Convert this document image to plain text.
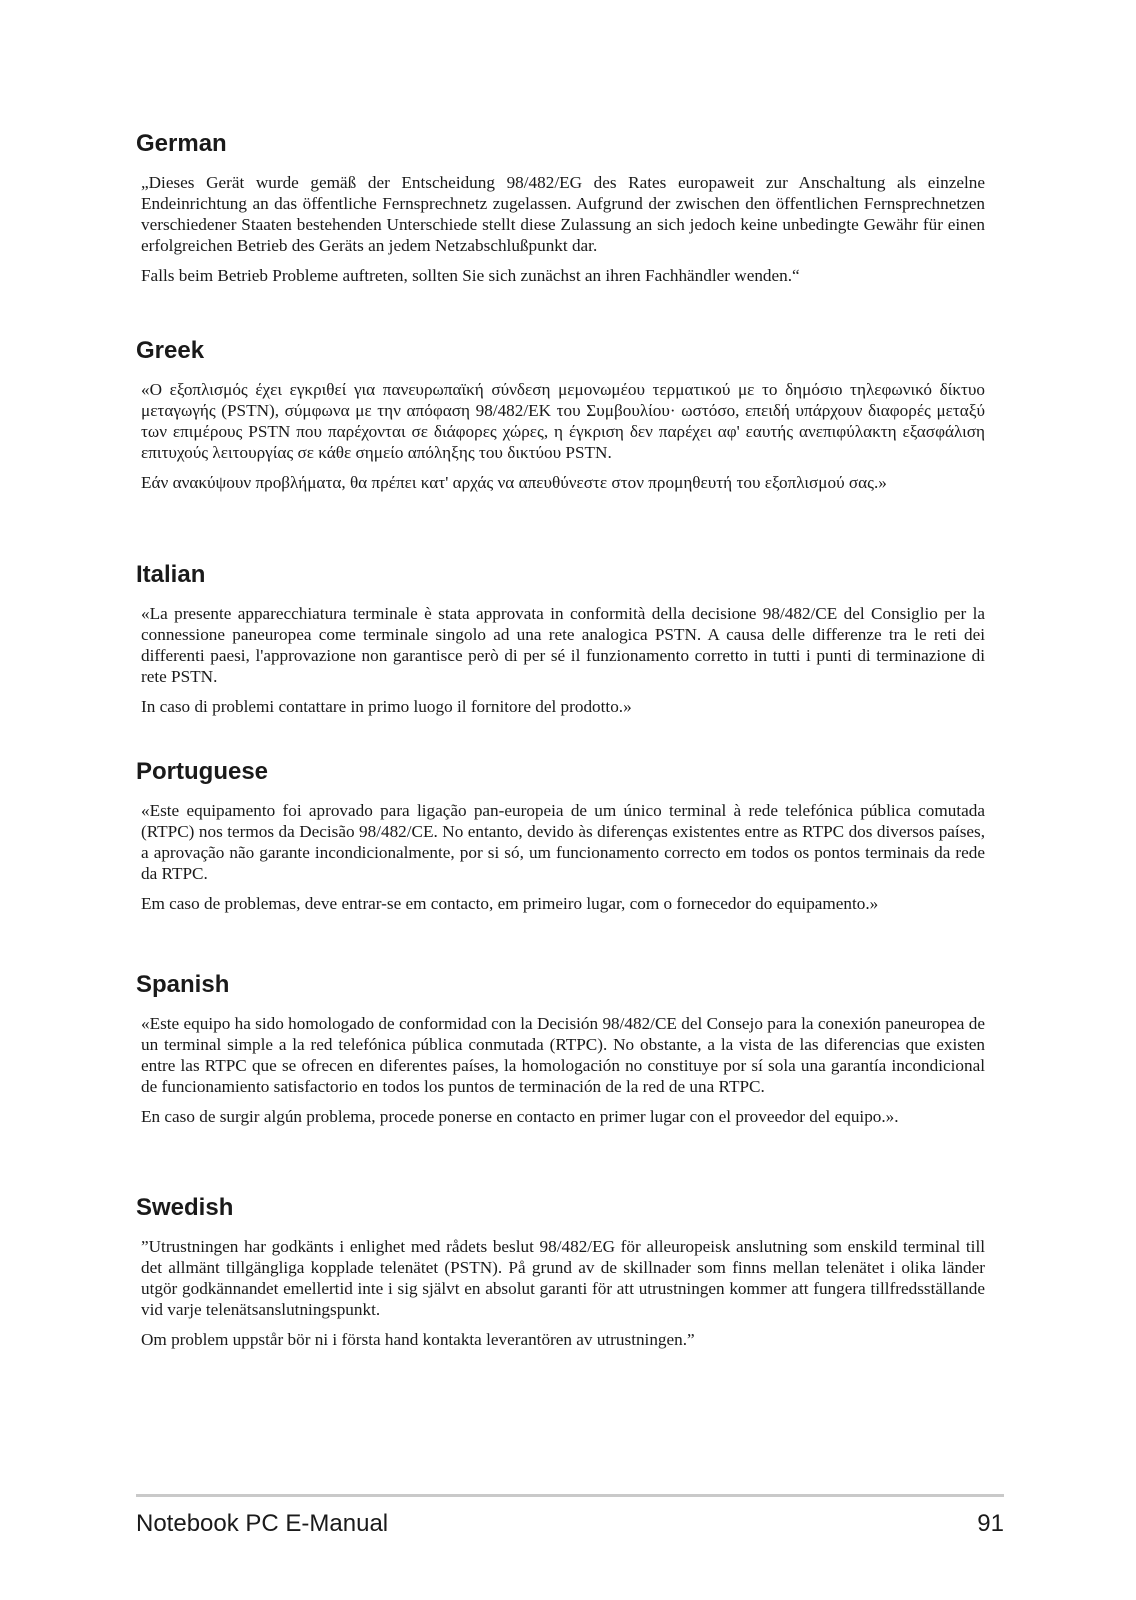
German

„Dieses Gerät wurde gemäß der Entscheidung 98/482/EG des Rates europaweit zur Anschaltung als einzelne Endeinrichtung an das öffentliche Fernsprechnetz zugelassen. Aufgrund der zwischen den öffentlichen Fernsprechnetzen verschiedener Staaten bestehenden Unterschiede stellt diese Zulassung an sich jedoch keine unbedingte Gewähr für einen erfolgreichen Betrieb des Geräts an jedem Netzabschlußpunkt dar.

Falls beim Betrieb Probleme auftreten, sollten Sie sich zunächst an ihren Fachhändler wenden.“

Greek

«Ο εξοπλισμός έχει εγκριθεί για πανευρωπαϊκή σύνδεση μεμονωμέου τερματικού με το δημόσιο τηλεφωνικό δίκτυο μεταγωγής (PSTN), σύμφωνα με την απόφαση 98/482/ΕΚ του Συμβουλίου· ωστόσο, επειδή υπάρχουν διαφορές μεταξύ των επιμέρους PSTN που παρέχονται σε διάφορες χώρες, η έγκριση δεν παρέχει αφ' εαυτής ανεπιφύλακτη εξασφάλιση επιτυχούς λειτουργίας σε κάθε σημείο απόληξης του δικτύου PSTN.

Εάν ανακύψουν προβλήματα, θα πρέπει κατ' αρχάς να απευθύνεστε στον προμηθευτή του εξοπλισμού σας.»

Italian

«La presente apparecchiatura terminale è stata approvata in conformità della decisione 98/482/CE del Consiglio per la connessione paneuropea come terminale singolo ad una rete analogica PSTN. A causa delle differenze tra le reti dei differenti paesi, l'approvazione non garantisce però di per sé il funzionamento corretto in tutti i punti di terminazione di rete PSTN.

In caso di problemi contattare in primo luogo il fornitore del prodotto.»

Portuguese

«Este equipamento foi aprovado para ligação pan-europeia de um único terminal à rede telefónica pública comutada (RTPC) nos termos da Decisão 98/482/CE. No entanto, devido às diferenças existentes entre as RTPC dos diversos países, a aprovação não garante incondicionalmente, por si só, um funcionamento correcto em todos os pontos terminais da rede da RTPC.

Em caso de problemas, deve entrar-se em contacto, em primeiro lugar, com o fornecedor do equipamento.»

Spanish

«Este equipo ha sido homologado de conformidad con la Decisión 98/482/CE del Consejo para la conexión paneuropea de un terminal simple a la red telefónica pública conmutada (RTPC). No obstante, a la vista de las diferencias que existen entre las RTPC que se ofrecen en diferentes países, la homologación no constituye por sí sola una garantía incondicional de funcionamiento satisfactorio en todos los puntos de terminación de la red de una RTPC.

En caso de surgir algún problema, procede ponerse en contacto en primer lugar con el proveedor del equipo.».

Swedish

”Utrustningen har godkänts i enlighet med rådets beslut 98/482/EG för alleuropeisk anslutning som enskild terminal till det allmänt tillgängliga kopplade telenätet (PSTN). På grund av de skillnader som finns mellan telenätet i olika länder utgör godkännandet emellertid inte i sig självt en absolut garanti för att utrustningen kommer att fungera tillfredsställande vid varje telenätsanslutningspunkt.

Om problem uppstår bör ni i första hand kontakta leverantören av utrustningen.”

Notebook PC E-Manual	91
